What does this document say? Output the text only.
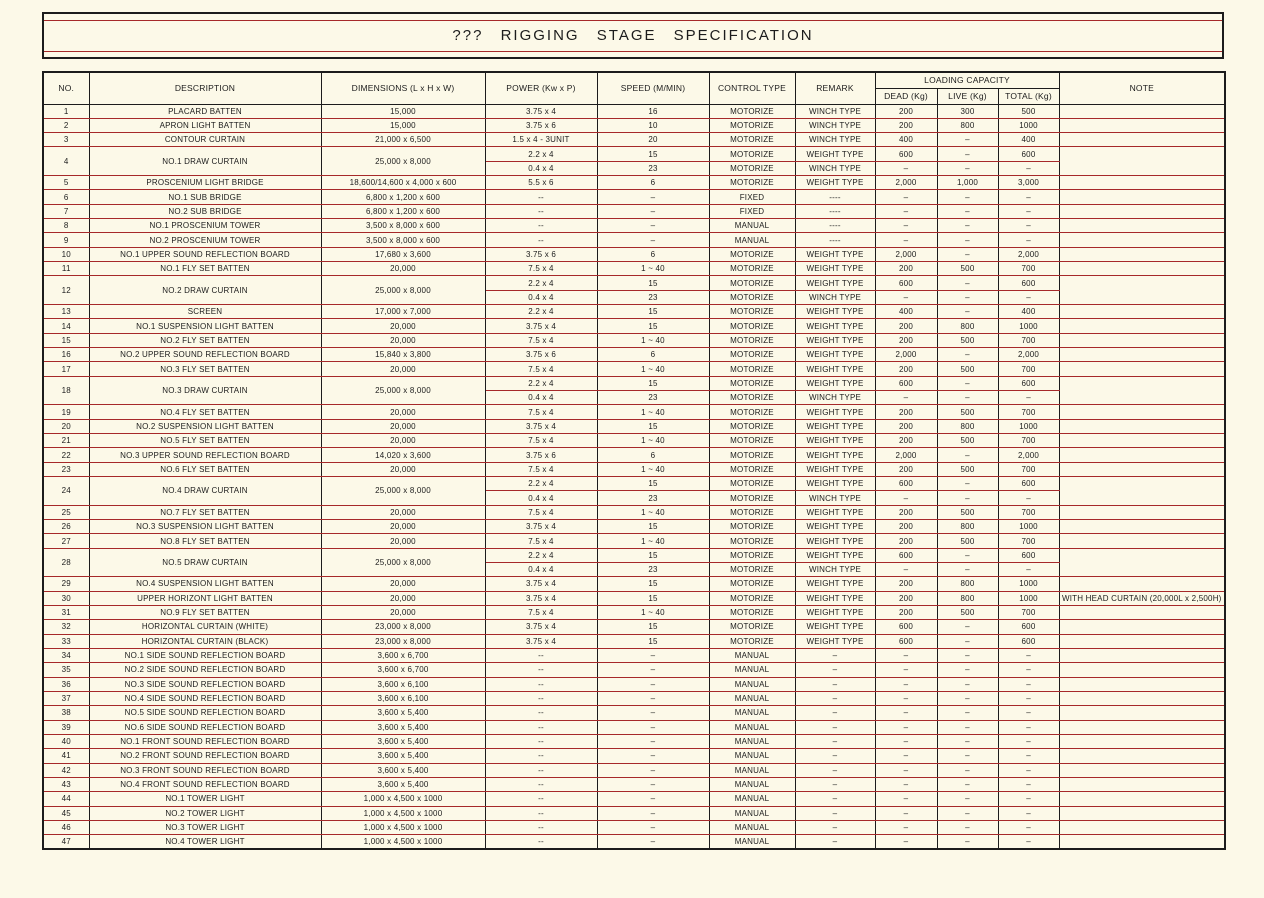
??? RIGGING STAGE SPECIFICATION
NO.	DESCRIPTION	DIMENSIONS (L x H x W)	POWER (Kw x P)	SPEED (M/MIN)	CONTROL TYPE	REMARK	LOADING CAPACITY			NOTE
							DEAD (Kg)	LIVE (Kg)	TOTAL (Kg)	
1	PLACARD BATTEN	15,000	3.75 x 4	16	MOTORIZE	WINCH TYPE	200	300	500	
2	APRON LIGHT BATTEN	15,000	3.75 x 6	10	MOTORIZE	WINCH TYPE	200	800	1000	
3	CONTOUR CURTAIN	21,000 x 6,500	1.5 x 4 - 3UNIT	20	MOTORIZE	WINCH TYPE	400	–	400	
4	NO.1 DRAW CURTAIN	25,000 x 8,000	2.2 x 4	15	MOTORIZE	WEIGHT TYPE	600	–	600	
			0.4 x 4	23	MOTORIZE	WINCH TYPE	–	–	–	
5	PROSCENIUM LIGHT BRIDGE	18,600/14,600 x 4,000 x 600	5.5 x 6	6	MOTORIZE	WEIGHT TYPE	2,000	1,000	3,000	
6	NO.1 SUB BRIDGE	6,800 x 1,200 x 600	--	–	FIXED	----	–	–	–	
7	NO.2 SUB BRIDGE	6,800 x 1,200 x 600	--	–	FIXED	----	–	–	–	
8	NO.1 PROSCENIUM TOWER	3,500 x 8,000 x 600	--	–	MANUAL	----	–	–	–	
9	NO.2 PROSCENIUM TOWER	3,500 x 8,000 x 600	--	–	MANUAL	----	–	–	–	
10	NO.1 UPPER SOUND REFLECTION BOARD	17,680 x 3,600	3.75 x 6	6	MOTORIZE	WEIGHT TYPE	2,000	–	2,000	
11	NO.1 FLY SET BATTEN	20,000	7.5 x 4	1 ~ 40	MOTORIZE	WEIGHT TYPE	200	500	700	
12	NO.2 DRAW CURTAIN	25,000 x 8,000	2.2 x 4	15	MOTORIZE	WEIGHT TYPE	600	–	600	
			0.4 x 4	23	MOTORIZE	WINCH TYPE	–	–	–	
13	SCREEN	17,000 x 7,000	2.2 x 4	15	MOTORIZE	WEIGHT TYPE	400	–	400	
14	NO.1 SUSPENSION LIGHT BATTEN	20,000	3.75 x 4	15	MOTORIZE	WEIGHT TYPE	200	800	1000	
15	NO.2 FLY SET BATTEN	20,000	7.5 x 4	1 ~ 40	MOTORIZE	WEIGHT TYPE	200	500	700	
16	NO.2 UPPER SOUND REFLECTION BOARD	15,840 x 3,800	3.75 x 6	6	MOTORIZE	WEIGHT TYPE	2,000	–	2,000	
17	NO.3 FLY SET BATTEN	20,000	7.5 x 4	1 ~ 40	MOTORIZE	WEIGHT TYPE	200	500	700	
18	NO.3 DRAW CURTAIN	25,000 x 8,000	2.2 x 4	15	MOTORIZE	WEIGHT TYPE	600	–	600	
			0.4 x 4	23	MOTORIZE	WINCH TYPE	–	–	–	
19	NO.4 FLY SET BATTEN	20,000	7.5 x 4	1 ~ 40	MOTORIZE	WEIGHT TYPE	200	500	700	
20	NO.2 SUSPENSION LIGHT BATTEN	20,000	3.75 x 4	15	MOTORIZE	WEIGHT TYPE	200	800	1000	
21	NO.5 FLY SET BATTEN	20,000	7.5 x 4	1 ~ 40	MOTORIZE	WEIGHT TYPE	200	500	700	
22	NO.3 UPPER SOUND REFLECTION BOARD	14,020 x 3,600	3.75 x 6	6	MOTORIZE	WEIGHT TYPE	2,000	–	2,000	
23	NO.6 FLY SET BATTEN	20,000	7.5 x 4	1 ~ 40	MOTORIZE	WEIGHT TYPE	200	500	700	
24	NO.4 DRAW CURTAIN	25,000 x 8,000	2.2 x 4	15	MOTORIZE	WEIGHT TYPE	600	–	600	
			0.4 x 4	23	MOTORIZE	WINCH TYPE	–	–	–	
25	NO.7 FLY SET BATTEN	20,000	7.5 x 4	1 ~ 40	MOTORIZE	WEIGHT TYPE	200	500	700	
26	NO.3 SUSPENSION LIGHT BATTEN	20,000	3.75 x 4	15	MOTORIZE	WEIGHT TYPE	200	800	1000	
27	NO.8 FLY SET BATTEN	20,000	7.5 x 4	1 ~ 40	MOTORIZE	WEIGHT TYPE	200	500	700	
28	NO.5 DRAW CURTAIN	25,000 x 8,000	2.2 x 4	15	MOTORIZE	WEIGHT TYPE	600	–	600	
			0.4 x 4	23	MOTORIZE	WINCH TYPE	–	–	–	
29	NO.4 SUSPENSION LIGHT BATTEN	20,000	3.75 x 4	15	MOTORIZE	WEIGHT TYPE	200	800	1000	
30	UPPER HORIZONT LIGHT BATTEN	20,000	3.75 x 4	15	MOTORIZE	WEIGHT TYPE	200	800	1000	WITH HEAD CURTAIN (20,000L x 2,500H)
31	NO.9 FLY SET BATTEN	20,000	7.5 x 4	1 ~ 40	MOTORIZE	WEIGHT TYPE	200	500	700	
32	HORIZONTAL CURTAIN (WHITE)	23,000 x 8,000	3.75 x 4	15	MOTORIZE	WEIGHT TYPE	600	–	600	
33	HORIZONTAL CURTAIN (BLACK)	23,000 x 8,000	3.75 x 4	15	MOTORIZE	WEIGHT TYPE	600	–	600	
34	NO.1 SIDE SOUND REFLECTION BOARD	3,600 x 6,700	--	–	MANUAL	–	–	–	–	
35	NO.2 SIDE SOUND REFLECTION BOARD	3,600 x 6,700	--	–	MANUAL	–	–	–	–	
36	NO.3 SIDE SOUND REFLECTION BOARD	3,600 x 6,100	--	–	MANUAL	–	–	–	–	
37	NO.4 SIDE SOUND REFLECTION BOARD	3,600 x 6,100	--	–	MANUAL	–	–	–	–	
38	NO.5 SIDE SOUND REFLECTION BOARD	3,600 x 5,400	--	–	MANUAL	–	–	–	–	
39	NO.6 SIDE SOUND REFLECTION BOARD	3,600 x 5,400	--	–	MANUAL	–	–	–	–	
40	NO.1 FRONT SOUND REFLECTION BOARD	3,600 x 5,400	--	–	MANUAL	–	–	–	–	
41	NO.2 FRONT SOUND REFLECTION BOARD	3,600 x 5,400	--	–	MANUAL	–	–	–	–	
42	NO.3 FRONT SOUND REFLECTION BOARD	3,600 x 5,400	--	–	MANUAL	–	–	–	–	
43	NO.4 FRONT SOUND REFLECTION BOARD	3,600 x 5,400	--	–	MANUAL	–	–	–	–	
44	NO.1 TOWER LIGHT	1,000 x 4,500 x 1000	--	–	MANUAL	–	–	–	–	
45	NO.2 TOWER LIGHT	1,000 x 4,500 x 1000	--	–	MANUAL	–	–	–	–	
46	NO.3 TOWER LIGHT	1,000 x 4,500 x 1000	--	–	MANUAL	–	–	–	–	
47	NO.4 TOWER LIGHT	1,000 x 4,500 x 1000	--	–	MANUAL	–	–	–	–	
